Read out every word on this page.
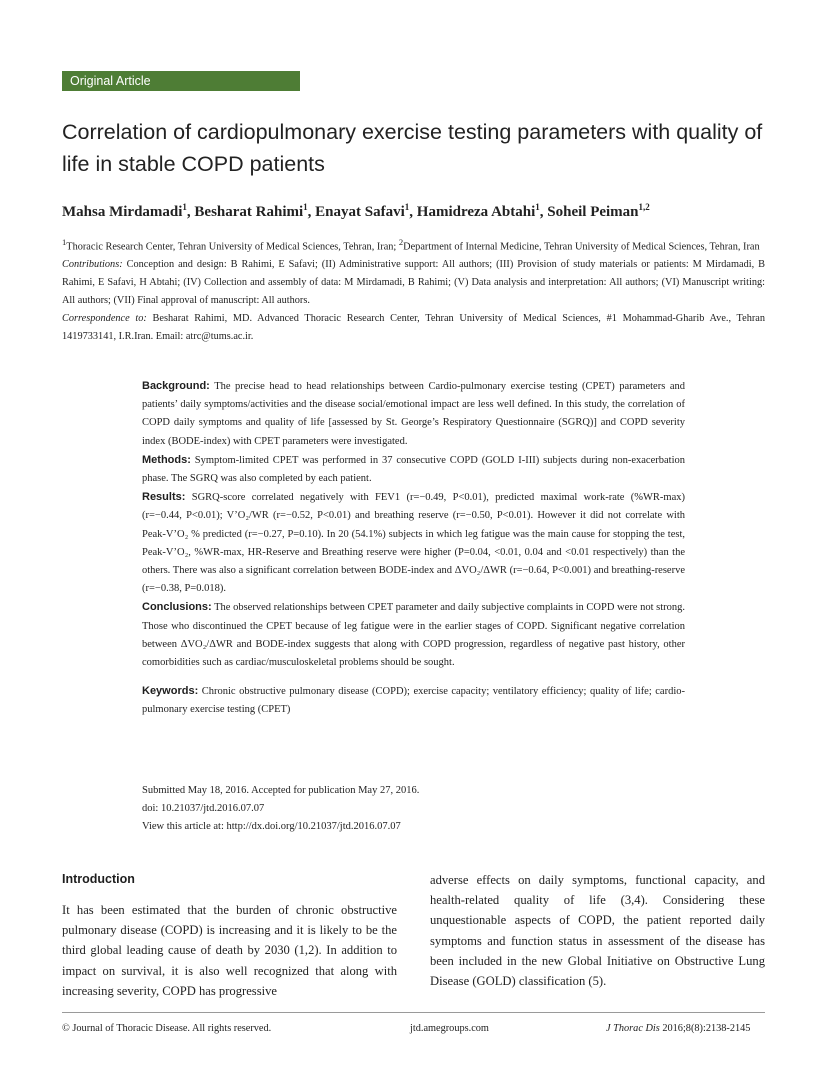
Original Article
Correlation of cardiopulmonary exercise testing parameters with quality of life in stable COPD patients
Mahsa Mirdamadi$^1$, Besharat Rahimi$^1$, Enayat Safavi$^1$, Hamidreza Abtahi$^1$, Soheil Peiman$^{1,2}$

$^1$Thoracic Research Center, Tehran University of Medical Sciences, Tehran, Iran; $^2$Department of Internal Medicine, Tehran University of Medical Sciences, Tehran, Iran

Contributions: Conception and design: B Rahimi, E Safavi; (II) Administrative support: All authors; (III) Provision of study materials or patients: M Mirdamadi, B Rahimi, E Safavi, H Abtahi; (IV) Collection and assembly of data: M Mirdamadi, B Rahimi; (V) Data analysis and interpretation: All authors; (VI) Manuscript writing: All authors; (VII) Final approval of manuscript: All authors.

Correspondence to: Besharat Rahimi, MD. Advanced Thoracic Research Center, Tehran University of Medical Sciences, #1 Mohammad-Gharib Ave., Tehran 1419733141, I.R.Iran. Email: atrc@tums.ac.ir.

Background: The precise head to head relationships between Cardio-pulmonary exercise testing (CPET) parameters and patients’ daily symptoms/activities and the disease social/emotional impact are less well defined. In this study, the correlation of COPD daily symptoms and quality of life [assessed by St. George’s Respiratory Questionnaire (SGRQ)] and COPD severity index (BODE-index) with CPET parameters were investigated.

Methods: Symptom-limited CPET was performed in 37 consecutive COPD (GOLD I-III) subjects during non-exacerbation phase. The SGRQ was also completed by each patient.

Results: SGRQ-score correlated negatively with FEV1 (r=−0.49, P<0.01), predicted maximal work-rate (%WR-max) (r=−0.44, P<0.01); V’O₂/WR (r=−0.52, P<0.01) and breathing reserve (r=−0.50, P<0.01). However it did not correlate with Peak-V’O₂ % predicted (r=−0.27, P=0.10). In 20 (54.1%) subjects in which leg fatigue was the main cause for stopping the test, Peak-V’O₂, %WR-max, HR-Reserve and Breathing reserve were higher (P=0.04, <0.01, 0.04 and <0.01 respectively) than the others. There was also a significant correlation between BODE-index and ΔVO₂/ΔWR (r=−0.64, P<0.001) and breathing-reserve (r=−0.38, P=0.018).

Conclusions: The observed relationships between CPET parameter and daily subjective complaints in COPD were not strong. Those who discontinued the CPET because of leg fatigue were in the earlier stages of COPD. Significant negative correlation between ΔVO₂/ΔWR and BODE-index suggests that along with COPD progression, regardless of negative past history, other comorbidities such as cardiac/musculoskeletal problems should be sought.

Keywords: Chronic obstructive pulmonary disease (COPD); exercise capacity; ventilatory efficiency; quality of life; cardio-pulmonary exercise testing (CPET)

Submitted May 18, 2016. Accepted for publication May 27, 2016.
doi: 10.21037/jtd.2016.07.07
View this article at: http://dx.doi.org/10.21037/jtd.2016.07.07
Introduction

It has been estimated that the burden of chronic obstructive pulmonary disease (COPD) is increasing and it is likely to be the third global leading cause of death by 2030 (1,2). In addition to impact on survival, it is also well recognized that along with increasing severity, COPD has progressive

adverse effects on daily symptoms, functional capacity, and health-related quality of life (3,4). Considering these unquestionable aspects of COPD, the patient reported daily symptoms and function status in assessment of the disease has been included in the new Global Initiative on Obstructive Lung Disease (GOLD) classification (5).

© Journal of Thoracic Disease. All rights reserved.	jtd.amegroups.com	J Thorac Dis 2016;8(8):2138-2145
